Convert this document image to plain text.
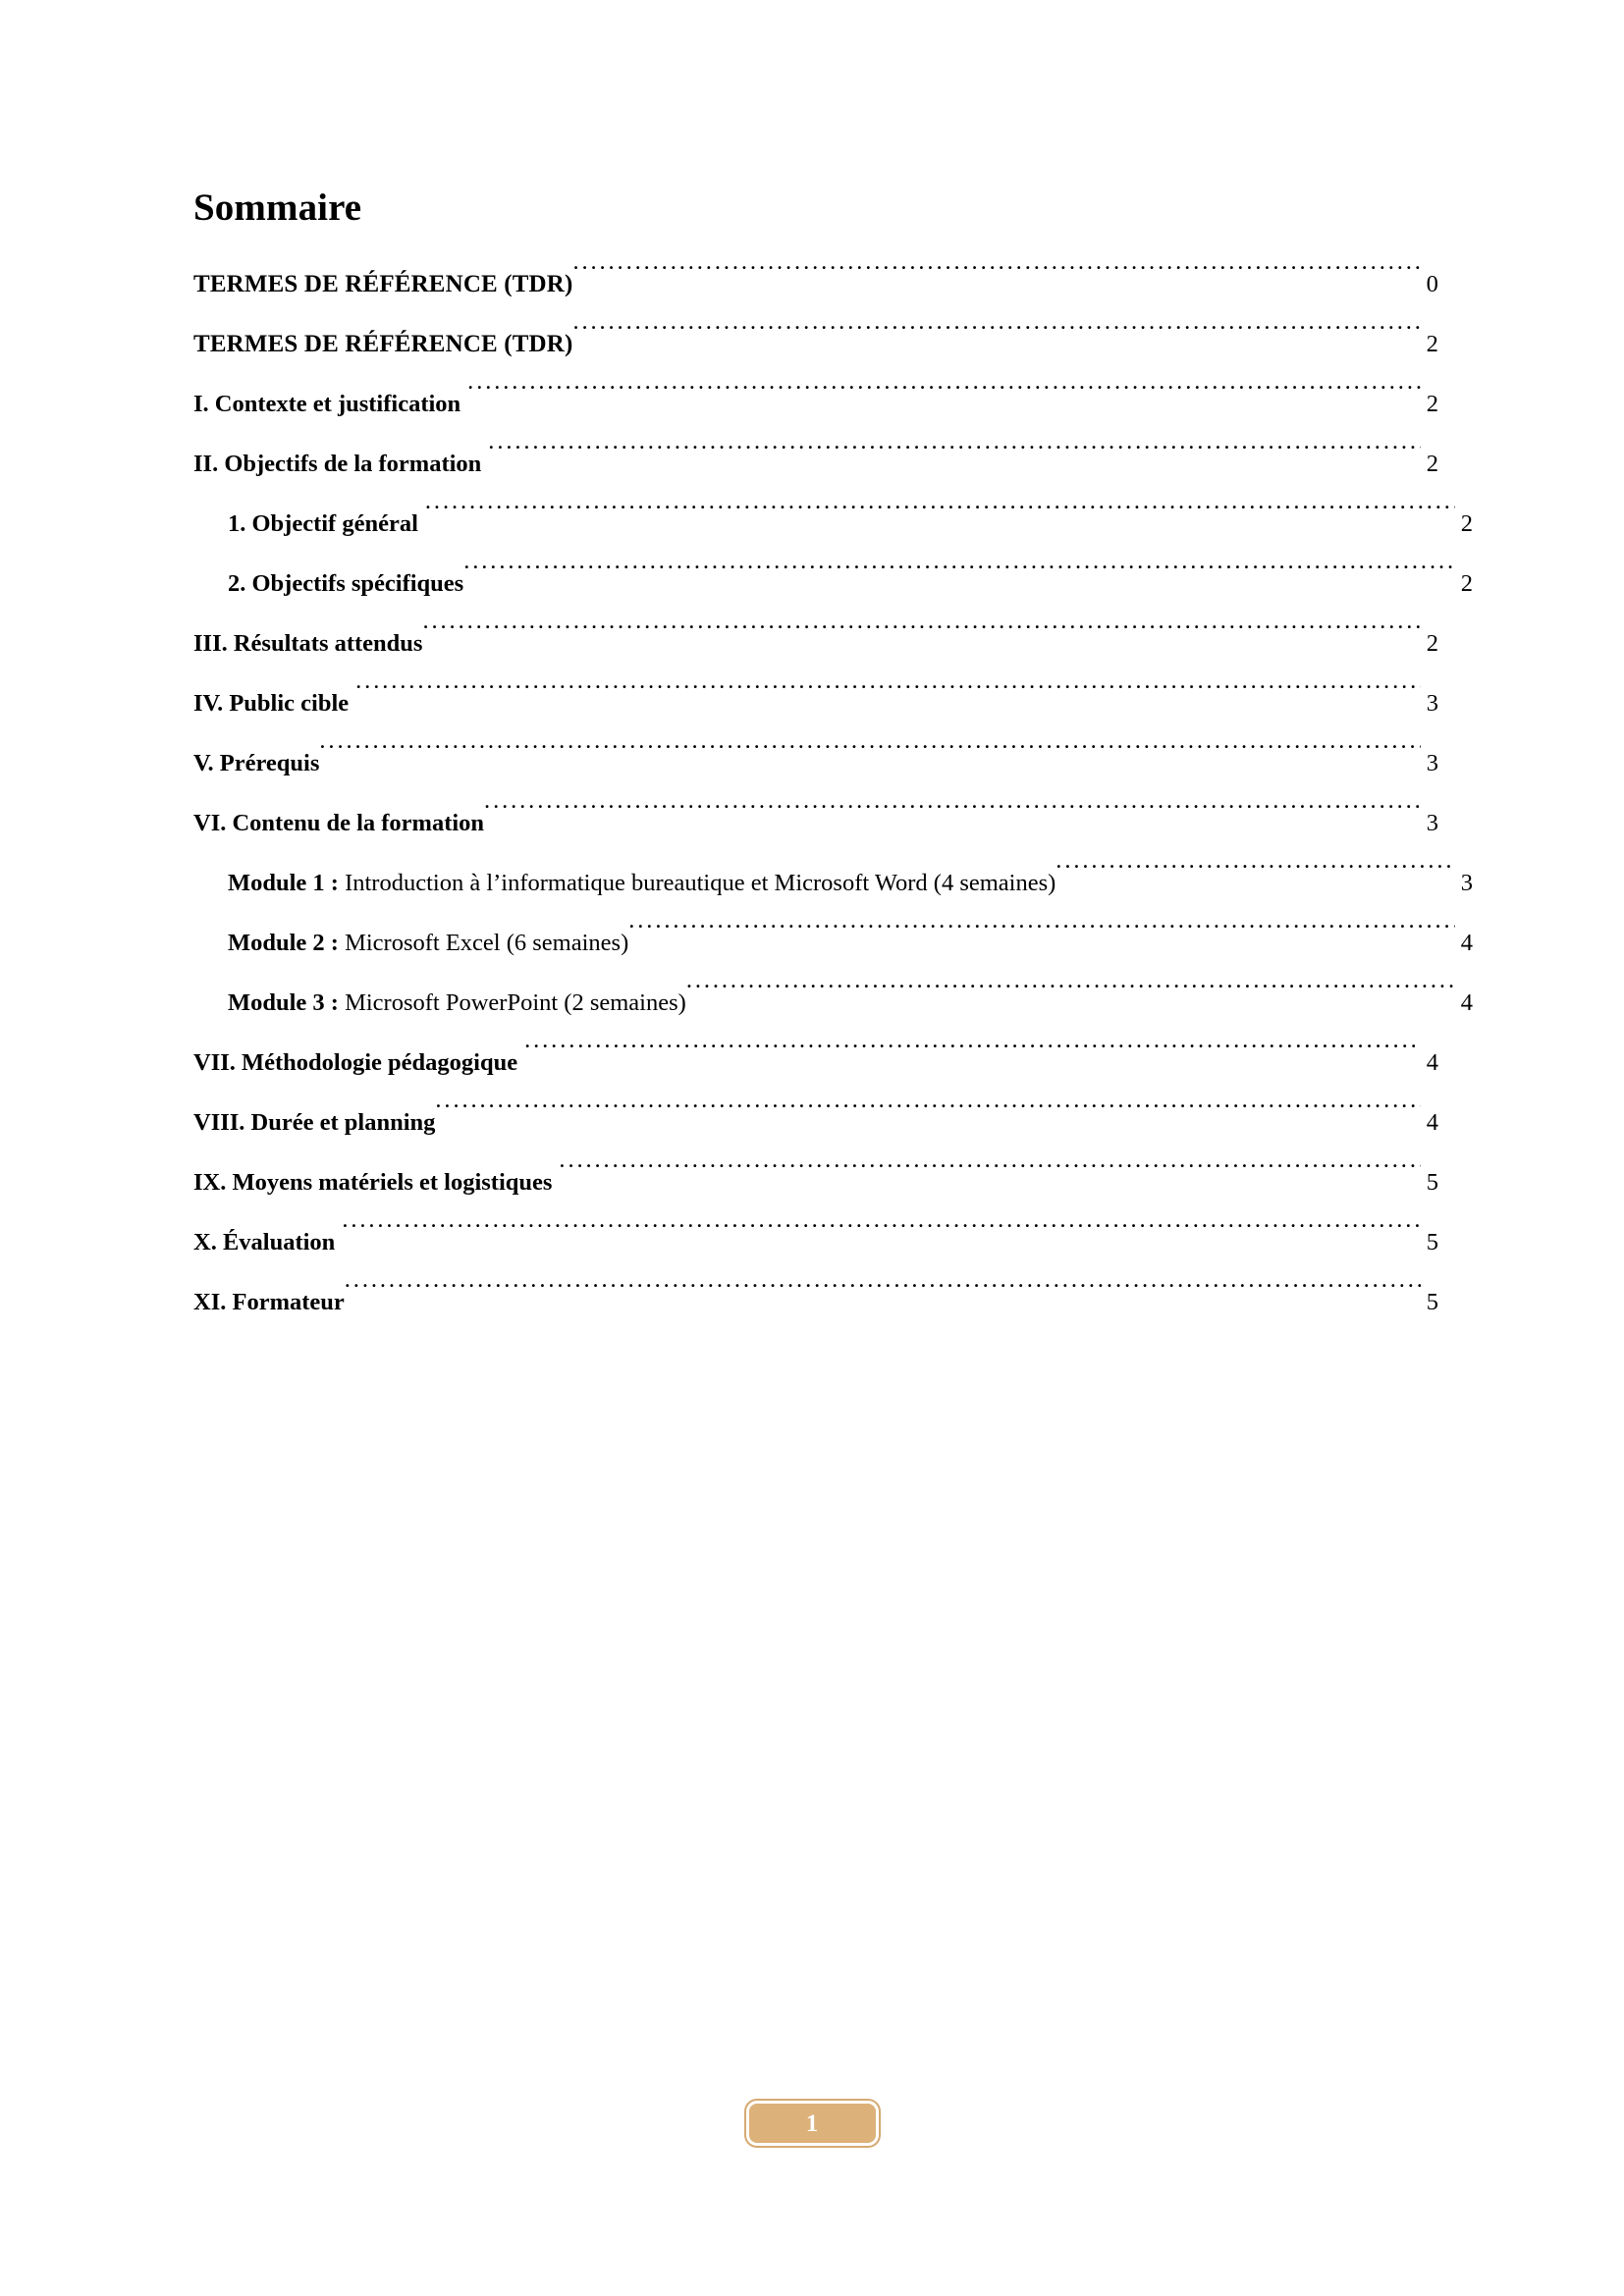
Sommaire
TERMES DE RÉFÉRENCE (TDR) .....	0
TERMES DE RÉFÉRENCE (TDR) .....	2
I. Contexte et justification .....	2
II. Objectifs de la formation .....	2
1. Objectif général .....	2
2. Objectifs spécifiques .....	2
III. Résultats attendus .....	2
IV. Public cible .....	3
V. Prérequis .....	3
VI. Contenu de la formation .....	3
Module 1 : Introduction à l’informatique bureautique et Microsoft Word (4 semaines) .....	3
Module 2 : Microsoft Excel (6 semaines) .....	4
Module 3 : Microsoft PowerPoint (2 semaines) .....	4
VII. Méthodologie pédagogique .....	4
VIII. Durée et planning .....	4
IX. Moyens matériels et logistiques .....	5
X. Évaluation .....	5
XI. Formateur .....	5
1
